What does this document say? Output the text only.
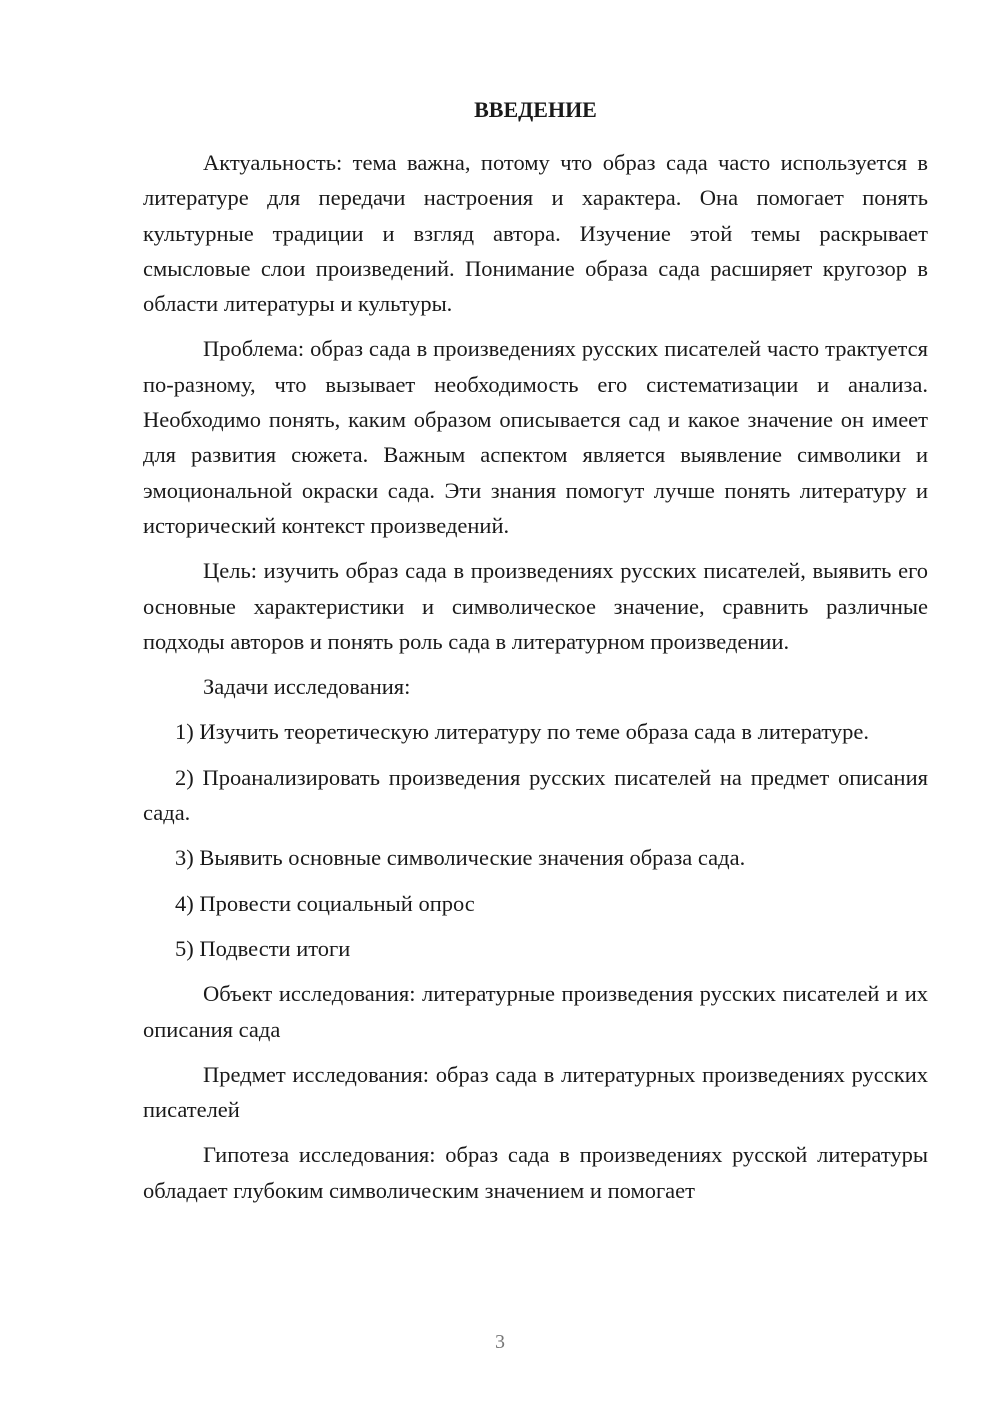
ВВЕДЕНИЕ

Актуальность: тема важна, потому что образ сада часто используется в литературе для передачи настроения и характера. Она помогает понять культурные традиции и взгляд автора. Изучение этой темы раскрывает смысловые слои произведений. Понимание образа сада расширяет кругозор в области литературы и культуры.

Проблема: образ сада в произведениях русских писателей часто трактуется по-разному, что вызывает необходимость его систематизации и анализа. Необходимо понять, каким образом описывается сад и какое значение он имеет для развития сюжета. Важным аспектом является выявление символики и эмоциональной окраски сада. Эти знания помогут лучше понять литературу и исторический контекст произведений.

Цель: изучить образ сада в произведениях русских писателей, выявить его основные характеристики и символическое значение, сравнить различные подходы авторов и понять роль сада в литературном произведении.

Задачи исследования:

1) Изучить теоретическую литературу по теме образа сада в литературе.

2) Проанализировать произведения русских писателей на предмет описания сада.

3) Выявить основные символические значения образа сада.

4) Провести социальный опрос

5) Подвести итоги

Объект исследования: литературные произведения русских писателей и их описания сада

Предмет исследования: образ сада в литературных произведениях русских писателей

Гипотеза исследования: образ сада в произведениях русской литературы обладает глубоким символическим значением и помогает

3
